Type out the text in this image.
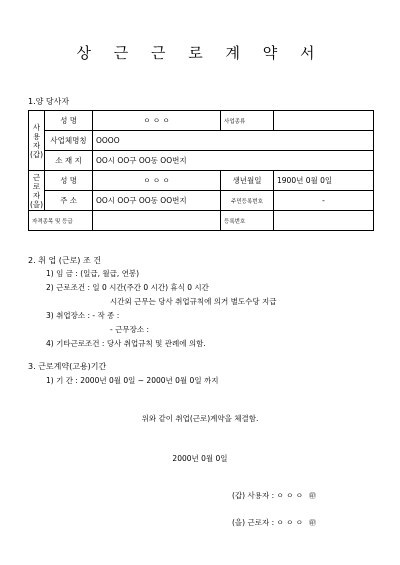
상 근 근 로 계 약 서
1.양 당사자
사
용
자
(갑)	성 명	ㅇ ㅇ ㅇ	사업종류	
	사업체명칭	OOOO		
	소 재 지	OO시 OO구 OO동 OO번지		
근
로
자
(을)	성 명	ㅇ ㅇ ㅇ	생년월일	1900년 0월 0일
	주 소	OO시 OO구 OO동 OO번지	주민등록번호	-
자격종목 및 등급			등록번호	
2. 취 업 (근로) 조 건
1) 임 금 : (일급, 월급, 연봉)
2) 근로조건 : 일 0 시간(주간 0 시간) 휴식 0 시간
시간외 근무는 당사 취업규칙에 의거 별도수당 지급
3) 취업장소 : - 작 종 :
- 근무장소 :
4) 기타근로조건 : 당사 취업규칙 및 관례에 의함.
3. 근로계약(고용)기간
1) 기 간 : 2000년 0월 0일 ~ 2000년 0월 0일 까지
위와 같이 취업(근로)계약을 체결함.
2000년 0월 0일
(갑) 사용자 : ㅇ ㅇ ㅇ ㊞
(을) 근로자 : ㅇ ㅇ ㅇ ㊞
